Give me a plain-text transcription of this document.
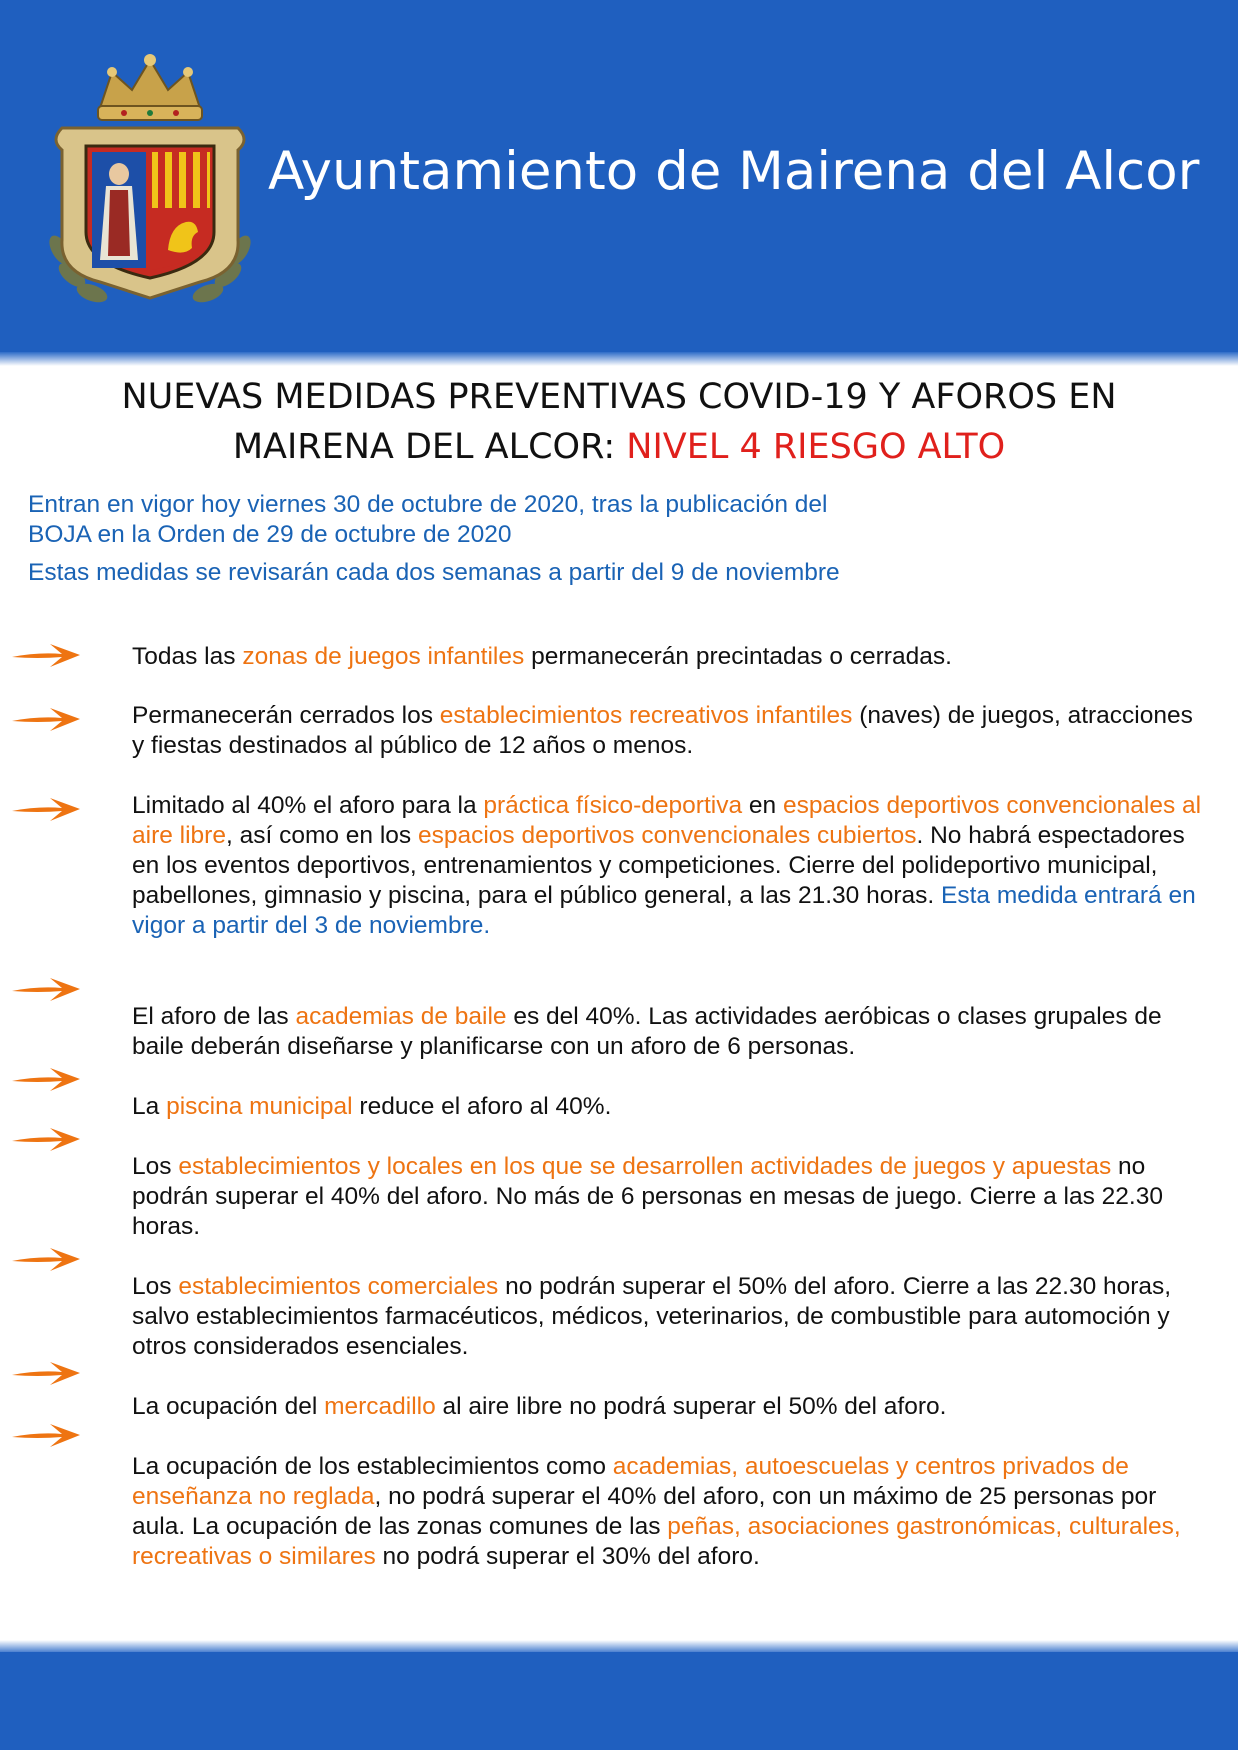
Ayuntamiento de Mairena del Alcor
NUEVAS MEDIDAS PREVENTIVAS COVID-19 Y AFOROS EN
MAIRENA DEL ALCOR: NIVEL 4 RIESGO ALTO
Entran en vigor hoy viernes 30 de octubre de 2020, tras la publicación del
BOJA en la Orden de 29 de octubre de 2020
Estas medidas se revisarán cada dos semanas a partir del 9 de noviembre
Todas las zonas de juegos infantiles permanecerán precintadas o cerradas.
Permanecerán cerrados los establecimientos recreativos infantiles (naves) de juegos, atracciones y fiestas destinados al público de 12 años o menos.
Limitado al 40% el aforo para la práctica físico-deportiva en espacios deportivos convencionales al aire libre, así como en los espacios deportivos convencionales cubiertos. No habrá espectadores en los eventos deportivos, entrenamientos y competiciones. Cierre del polideportivo municipal, pabellones, gimnasio y piscina, para el público general, a las 21.30 horas. Esta medida entrará en vigor a partir del 3 de noviembre.
El aforo de las academias de baile es del 40%. Las actividades aeróbicas o clases grupales de baile deberán diseñarse y planificarse con un aforo de 6 personas.
La piscina municipal reduce el aforo al 40%.
Los establecimientos y locales en los que se desarrollen actividades de juegos y apuestas no podrán superar el 40% del aforo. No más de 6 personas en mesas de juego. Cierre a las 22.30 horas.
Los establecimientos comerciales no podrán superar el 50% del aforo. Cierre a las 22.30 horas, salvo establecimientos farmacéuticos, médicos, veterinarios, de combustible para automoción y otros considerados esenciales.
La ocupación del mercadillo al aire libre no podrá superar el 50% del aforo.
La ocupación de los establecimientos como academias, autoescuelas y centros privados de enseñanza no reglada, no podrá superar el 40% del aforo, con un máximo de 25 personas por aula. La ocupación de las zonas comunes de las peñas, asociaciones gastronómicas, culturales, recreativas o similares no podrá superar el 30% del aforo.
